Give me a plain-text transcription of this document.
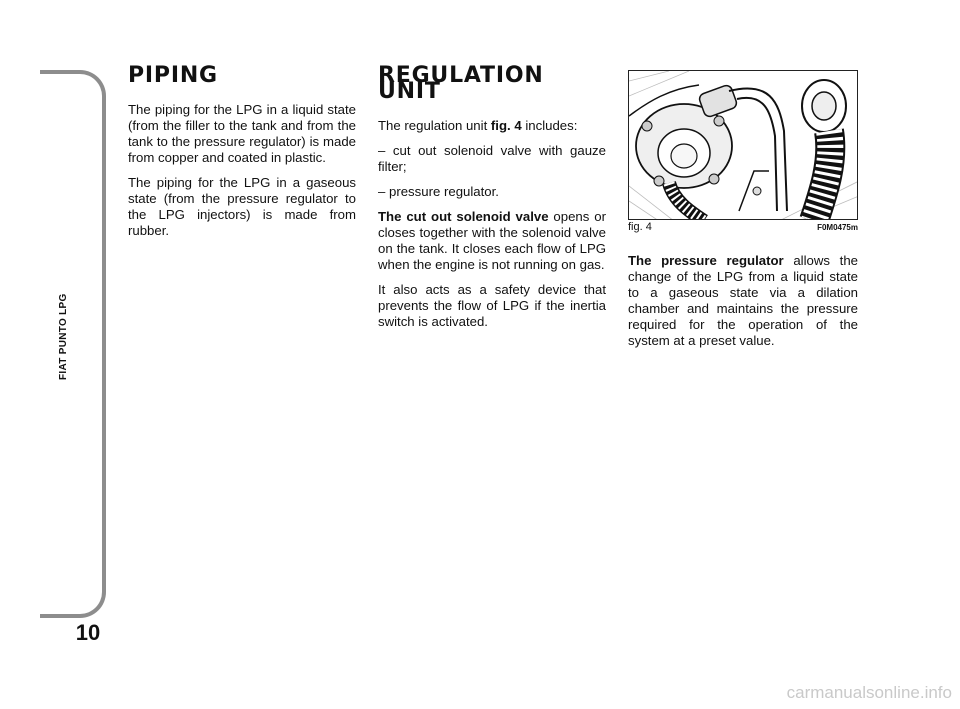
FIAT PUNTO LPG
10
PIPING

The piping for the LPG in a liquid state (from the filler to the tank and from the tank to the pressure regulator) is made from copper and coated in plastic.

The piping for the LPG in a gaseous state (from the pressure regulator to the LPG injectors) is made from rubber.

REGULATION UNIT

The regulation unit fig. 4 includes:

– cut out solenoid valve with gauze filter;

– pressure regulator.

The cut out solenoid valve opens or closes together with the solenoid valve on the tank. It closes each flow of LPG when the engine is not running on gas.

It also acts as a safety device that prevents the flow of LPG if the inertia switch is activated.

fig. 4	F0M0475m

The pressure regulator allows the change of the LPG from a liquid state to a gaseous state via a dilation chamber and maintains the pressure required for the operation of the system at a preset value.

carmanualsonline.info
